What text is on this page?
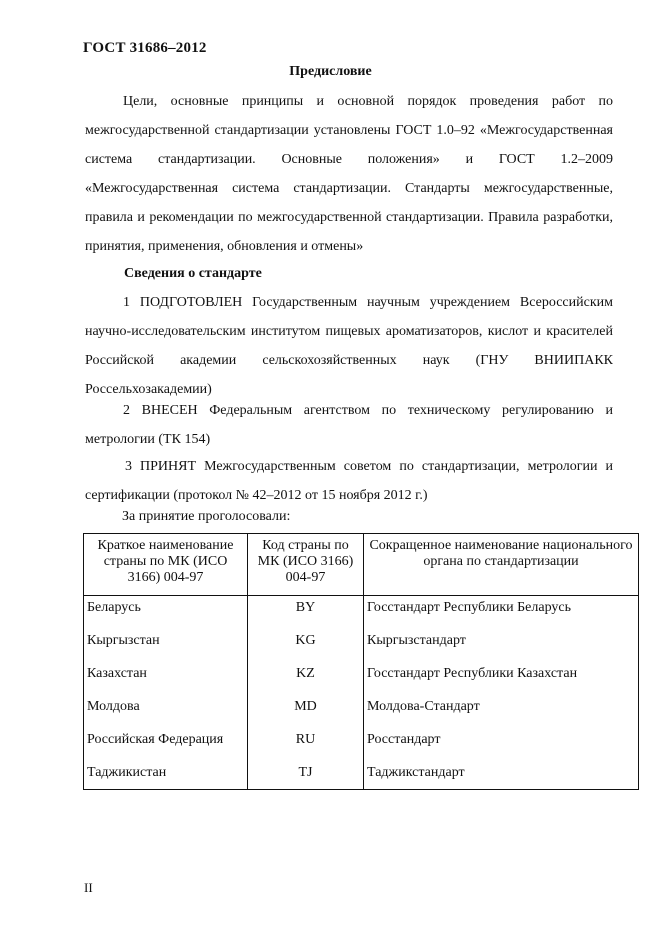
ГОСТ 31686–2012
Предисловие
Цели, основные принципы и основной порядок проведения работ по межгосударственной стандартизации установлены ГОСТ 1.0–92 «Межгосударственная система стандартизации. Основные положения» и ГОСТ 1.2–2009 «Межгосударственная система стандартизации. Стандарты межгосударственные, правила и рекомендации по межгосударственной стандартизации. Правила разработки, принятия, применения, обновления и отмены»
Сведения о стандарте
1 ПОДГОТОВЛЕН Государственным научным учреждением Всероссийским научно-исследовательским институтом пищевых ароматизаторов, кислот и красителей Российской академии сельскохозяйственных наук (ГНУ ВНИИПАКК Россельхозакадемии)
2 ВНЕСЕН Федеральным агентством по техническому регулированию и метрологии (ТК 154)
3 ПРИНЯТ Межгосударственным советом по стандартизации, метрологии и сертификации (протокол № 42–2012 от 15 ноября 2012 г.)
За принятие проголосовали:
Краткое наименование страны по МК (ИСО 3166) 004-97	Код страны по МК (ИСО 3166) 004-97	Сокращенное наименование национального органа по стандартизации
Беларусь	BY	Госстандарт Республики Беларусь
Кыргызстан	KG	Кыргызстандарт
Казахстан	KZ	Госстандарт Республики Казахстан
Молдова	MD	Молдова-Стандарт
Российская Федерация	RU	Росстандарт
Таджикистан	TJ	Таджикстандарт
II
